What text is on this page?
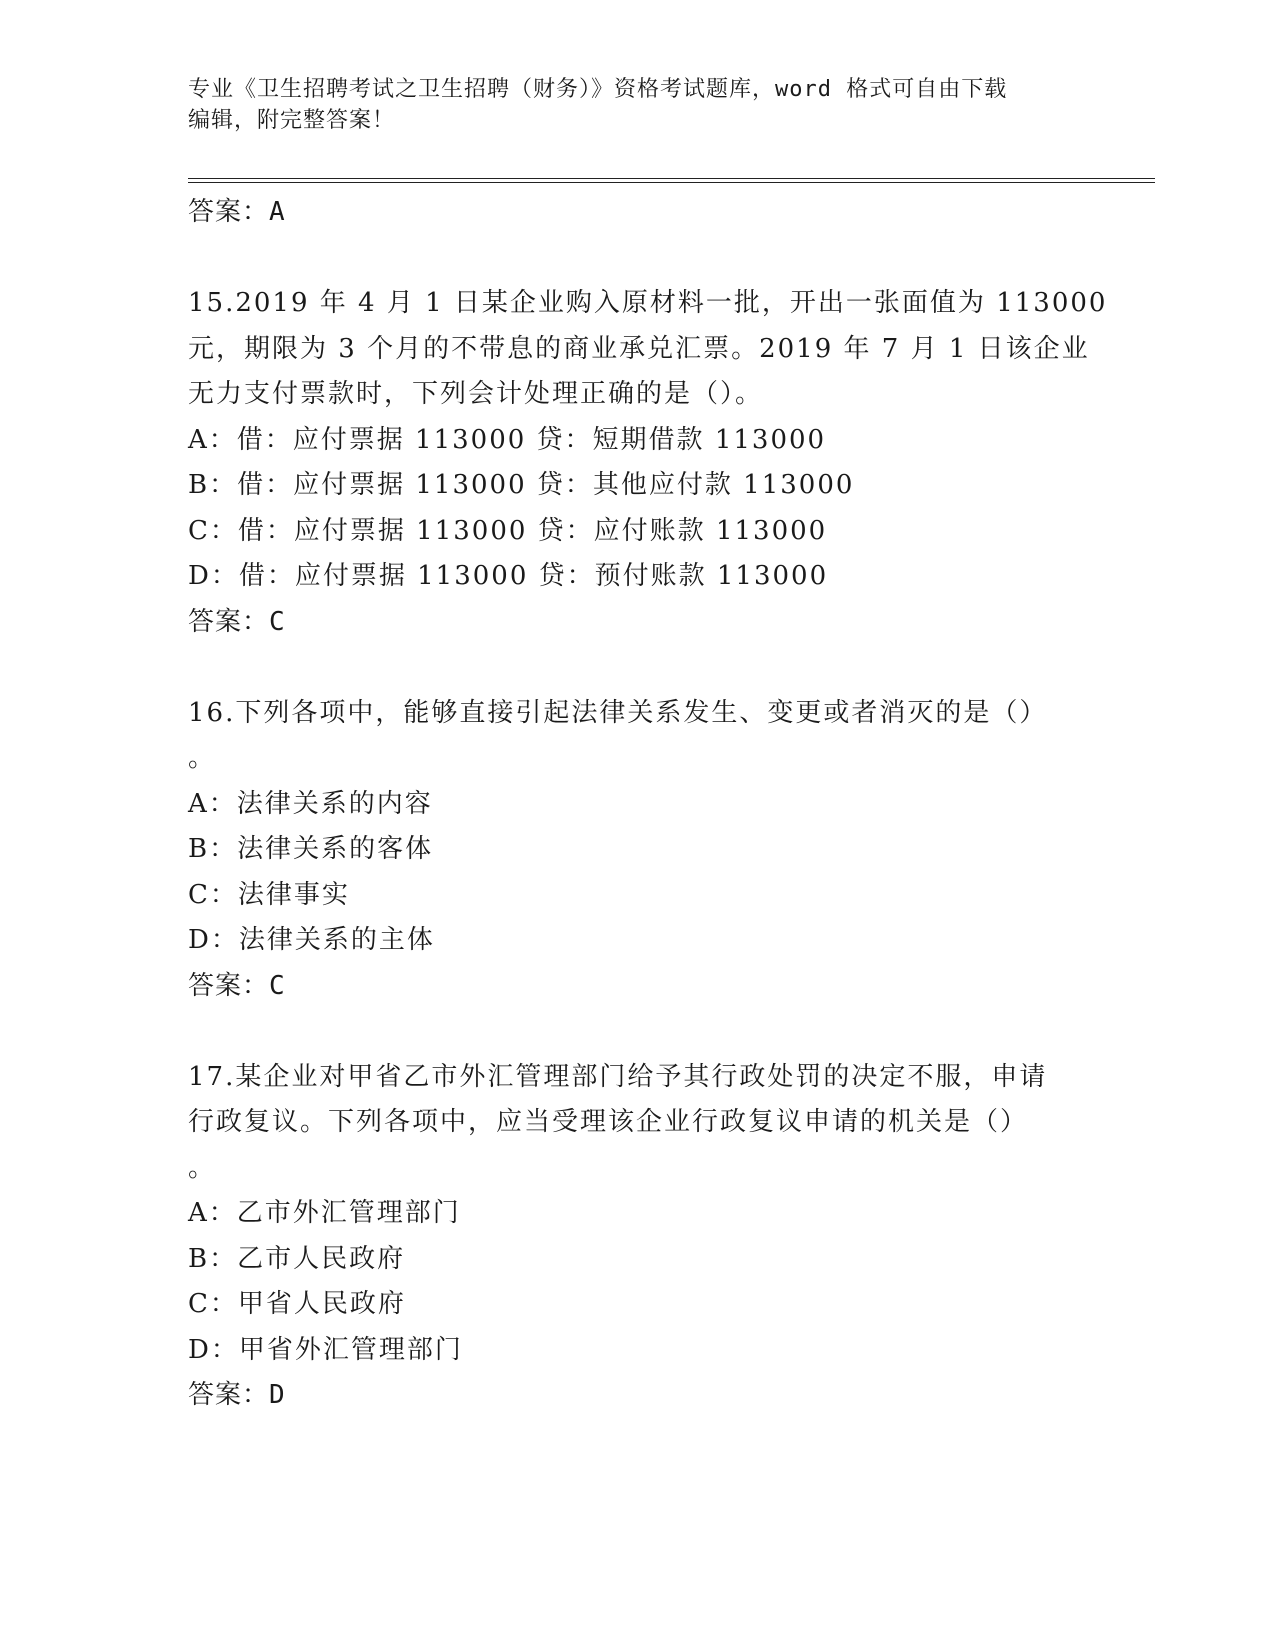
专业《卫生招聘考试之卫生招聘（财务）》资格考试题库，word 格式可自由下载
编辑，附完整答案！
答案：A
15.2019 年 4 月 1 日某企业购入原材料一批，开出一张面值为 113000
元，期限为 3 个月的不带息的商业承兑汇票。2019 年 7 月 1 日该企业
无力支付票款时，下列会计处理正确的是（）。
A：借：应付票据 113000 贷：短期借款 113000
B：借：应付票据 113000 贷：其他应付款 113000
C：借：应付票据 113000 贷：应付账款 113000
D：借：应付票据 113000 贷：预付账款 113000
答案：C
16.下列各项中，能够直接引起法律关系发生、变更或者消灭的是（）
。
A：法律关系的内容
B：法律关系的客体
C：法律事实
D：法律关系的主体
答案：C
17.某企业对甲省乙市外汇管理部门给予其行政处罚的决定不服，申请
行政复议。下列各项中，应当受理该企业行政复议申请的机关是（）
。
A：乙市外汇管理部门
B：乙市人民政府
C：甲省人民政府
D：甲省外汇管理部门
答案：D
